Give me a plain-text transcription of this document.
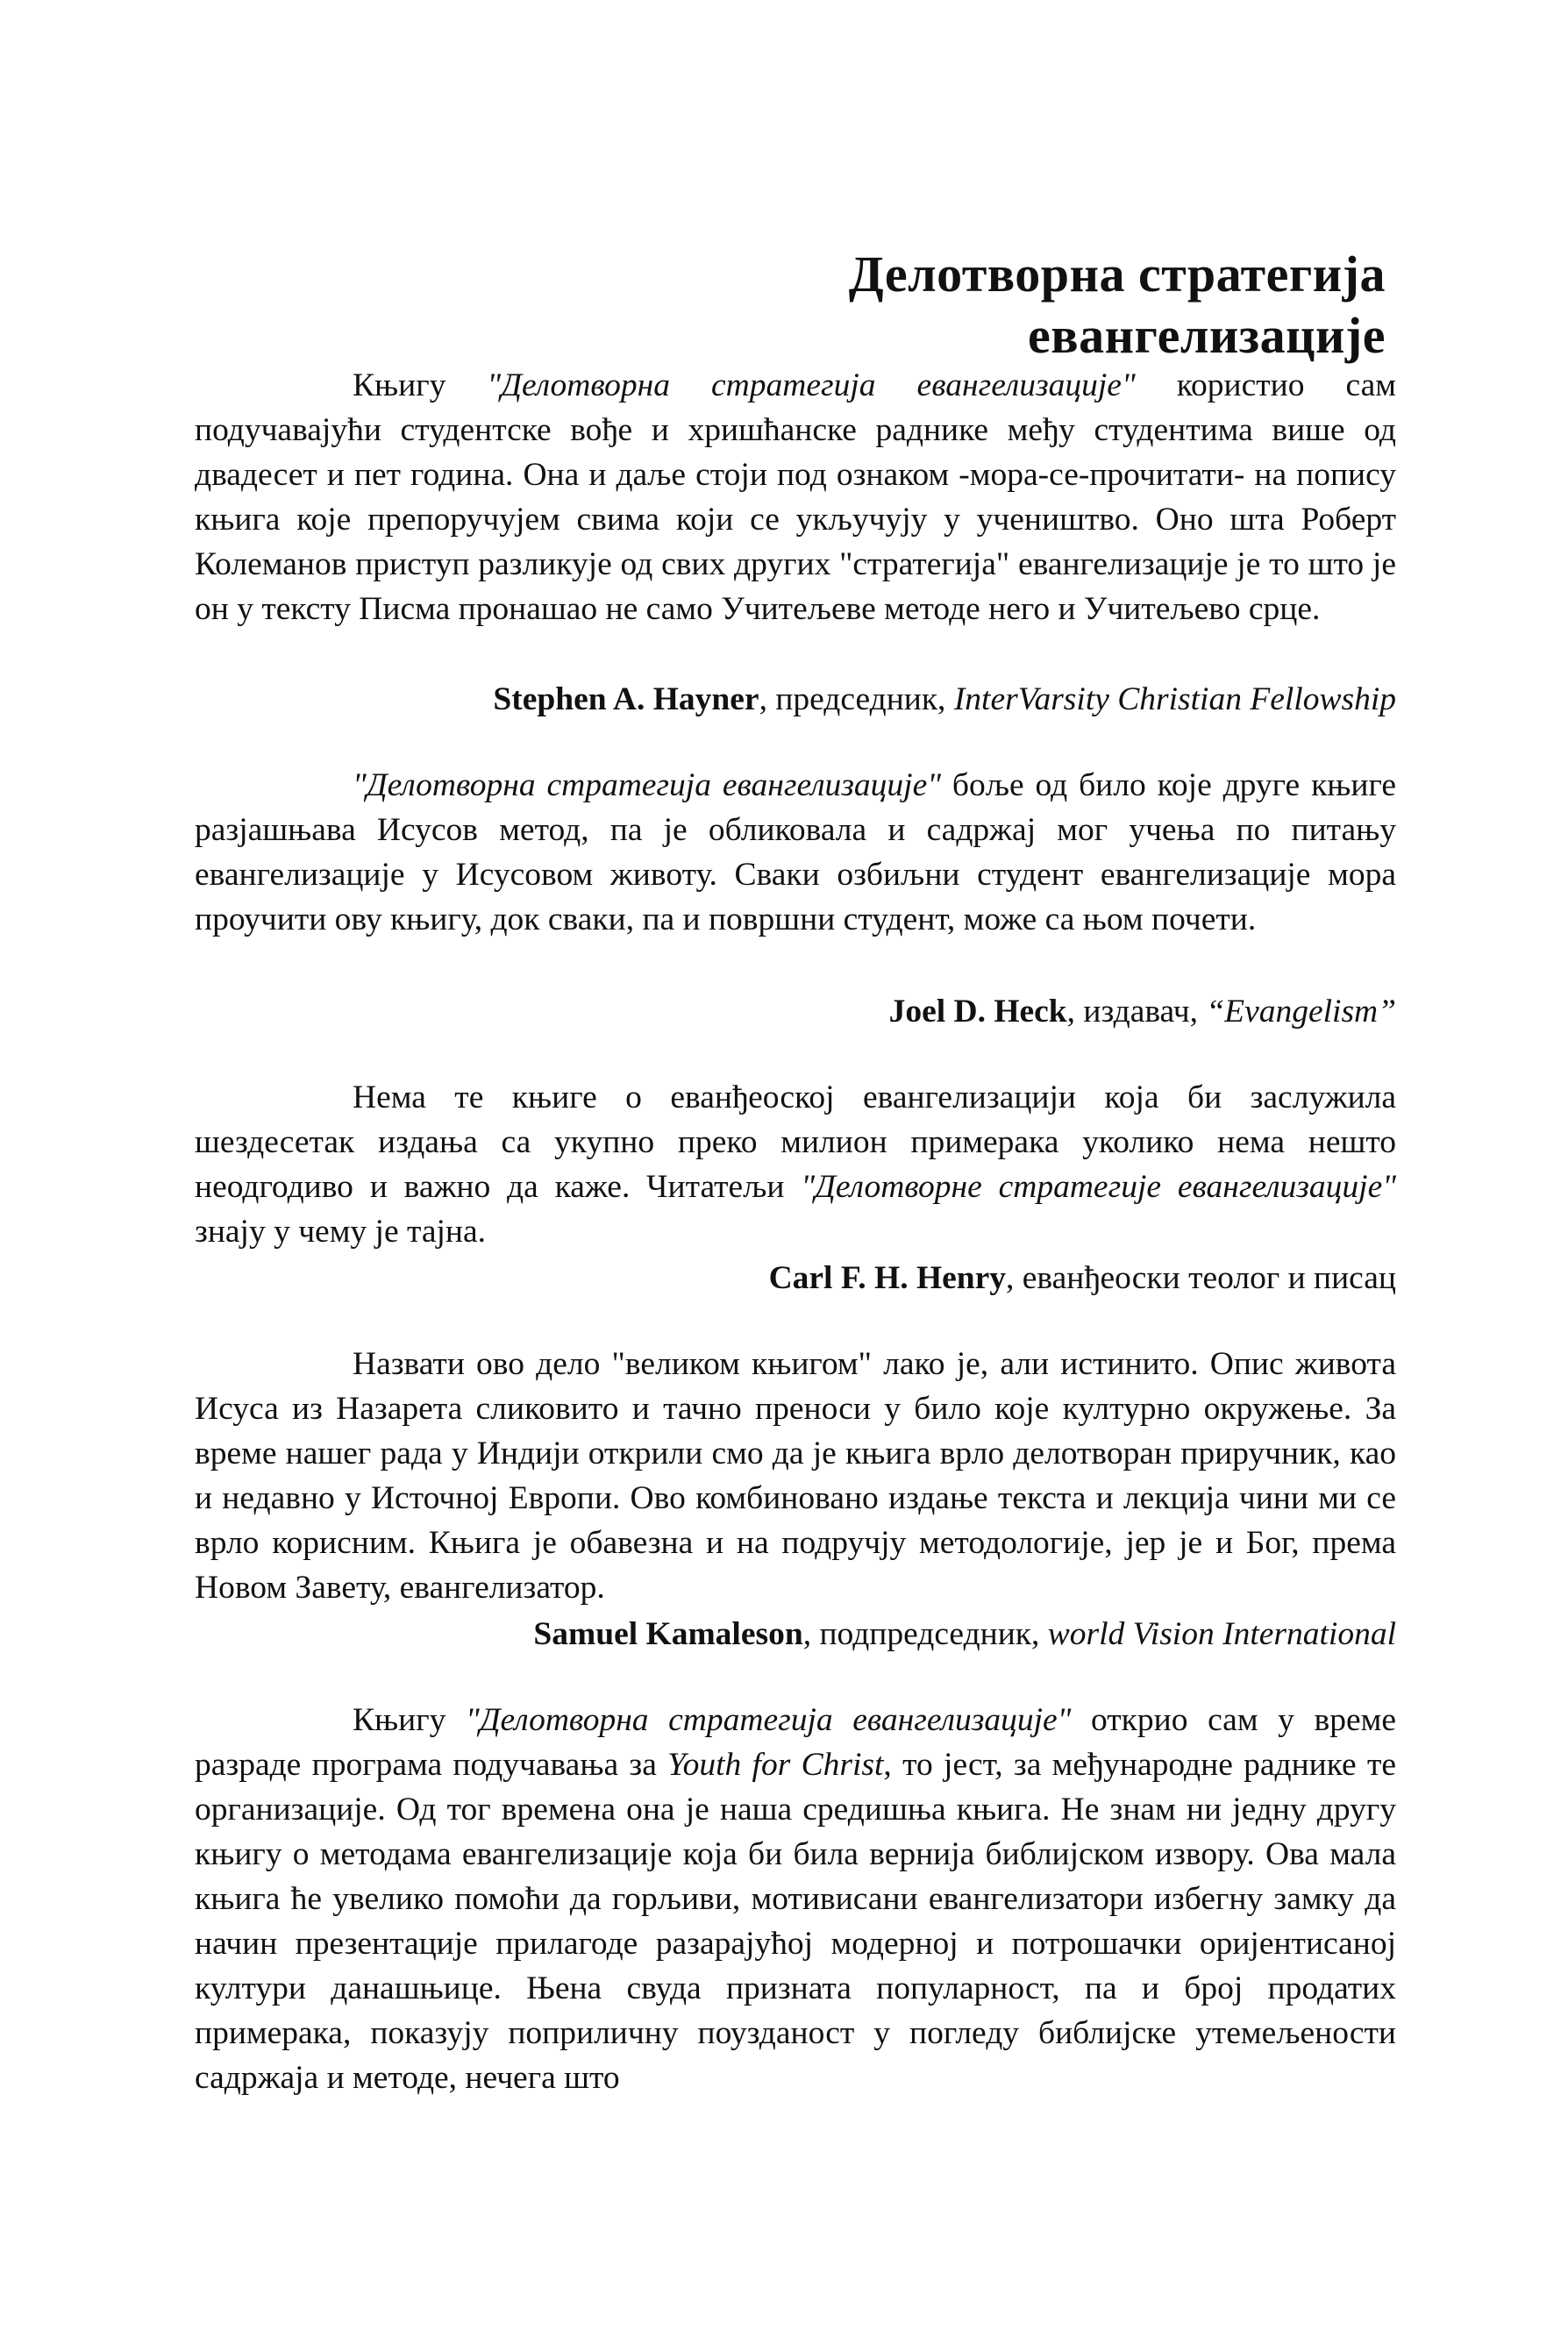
Делотворна стратегија евангелизације

Књигу "Делотворна стратегија евангелизације" користио сам подучавајући студентске вође и хришћанске раднике међу студентима више од двадесет и пет година. Она и даље стоји под ознаком -мора-се-прочитати- на попису књига које препоручујем свима који се укључују у учеништво. Оно шта Роберт Колеманов приступ разликује од свих других "стратегија" евангелизације је то што је он у тексту Писма пронашао не само Учитељеве методе него и Учитељево срце.

Stephen A. Hayner, председник, InterVarsity Christian Fellowship

"Делотворна стратегија евангелизације" боље од било које друге књиге разјашњава Исусов метод, па је обликовала и садржај мог учења по питању евангелизације у Исусовом животу. Сваки озбиљни студент евангелизације мора проучити ову књигу, док сваки, па и површни студент, може са њом почети.

Joel D. Heck, издавач, “Evangelism”

Нема те књиге о еванђеоској евангелизацији која би заслужила шездесетак издања са укупно преко милион примерака уколико нема нешто неодгодиво и важно да каже. Читатељи "Делотворне стратегије евангелизације" знају у чему је тајна.

Carl F. H. Henry, еванђеоски теолог и писац

Назвати ово дело "великом књигом" лако је, али истинито. Опис живота Исуса из Назарета сликовито и тачно преноси у било које културно окружење. За време нашег рада у Индији открили смо да је књига врло делотворан приручник, као и недавно у Источној Европи. Ово комбиновано издање текста и лекција чини ми се врло корисним. Књига је обавезна и на подручју методологије, јер је и Бог, према Новом Завету, евангелизатор.

Samuel Kamaleson, подпредседник, world Vision International

Књигу "Делотворна стратегија евангелизације" открио сам у време разраде програма подучавања за Youth for Christ, то јест, за међународне раднике те организације. Од тог времена она је наша средишња књига. Не знам ни једну другу књигу о методама евангелизације која би била верниjа библијском извору. Ова мала књига ће увелико помоћи да горљиви, мотивисани евангелизатори избегну замку да начин презентације прилагоде разарајућој модерној и потрошачки оријентисаној култури данашњице. Њена свуда призната популарност, па и број продатих примерака, показују поприличну поузданост у погледу библијске утемељености садржаја и методе, нечега што
